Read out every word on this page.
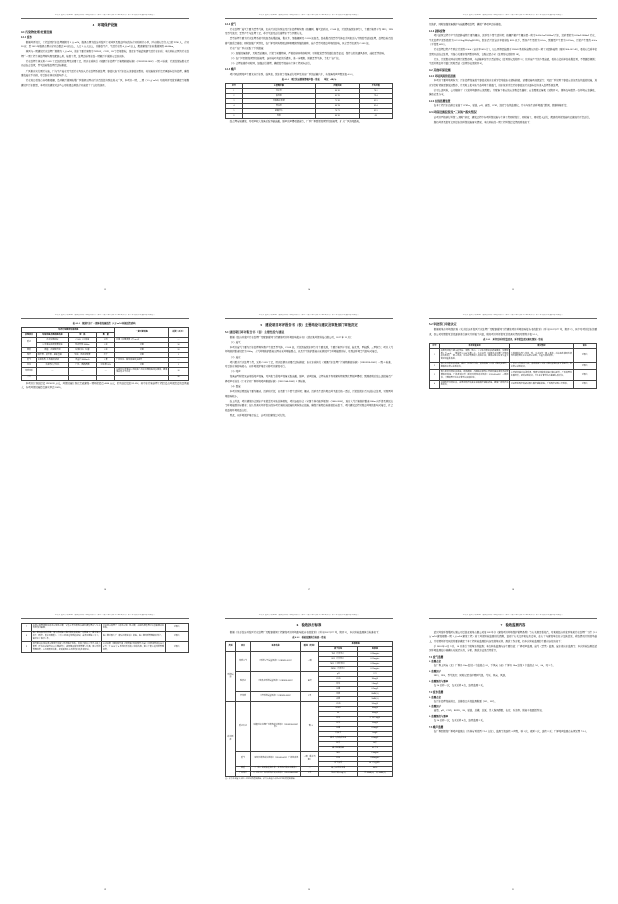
经济开发区污水处理厂及配套管网工程建设项目（第1、2期工程一期1.5万m³/d部分）竣工环境保护设施验收监测报告
4　环境保护设施
4.1 污染物处理/处置设施
4.1.1 废水
根据环评设计，工程近期污水处理规模为 5 万 m³/d，服务范围为经济开发区工业园区及周边区域的各企业和居住小区，区内现有常住人口约 9780 人、企业 28 家；至 2015 年服务范围内企业总数达 48 家以上，人口 5 万人以上，日排放生产、生活污水约 4 万 m³ 以上，配套建设污水收集管网约 46.08km。
园区内一期建设污水处理厂规模为 1 万 m³/d，进水主要污染物为 NH3-N、COD、SS 等常规指标，浓度水平接近城镇生活污水水质；本次验收范围为污水处理厂一期工程主体处理构筑物及配套公用、辅助工程，处理达标尾水经一期截污干管排入受纳水体。
污水处理主体采用 CASS 工艺加深度处理及消毒工艺，尾水水质执行《城镇污水处理厂污染物排放标准》（GB18918-2002）一级 A 标准；污泥经浓缩脱水后外运综合处置，臭气经收集处理后达标排放。
厂区排水实行雨污分流，厂内生产废水及生活污水均纳入污水处理系统处理；事故状态下污水经应急事故池暂存，待设施恢复正常后再逐步提升处理，确保事故废水不外排，对受纳水体水质影响不大。
污水进口渠设有自动粗格栅，沿河截污管网收集厂区服务范围内污水后经提升泵站进入厂区。本项目一期、二期（1.5 万 m³/d）均按环评及批复确定等规模建设中污水数量，本项目的建设对这些公司和周边居民企业成就了了良好的条件。
13
经济开发区污水处理厂及配套管网工程建设项目（第1、2期工程一期1.5万m³/d部分）竣工环境保护设施验收监测报告
4.1.2 废气
污水处理厂废气主要为恶臭气体，来自污水提升泵站及污水处理构筑物（格栅间、曝气沉砂池、CASS 池、污泥浓缩脱水间等），主要污染因子为 NH3、H2S 及臭气浓度；恶臭产生与处理工艺、季节气温及运行管理水平等因素有关。
恶臭治理主要为污水处理系统中的加盖收集措施，集水井、细格栅间及 CASS 池加盖，经收集后的恶臭气体由引风机送入生物除臭滤池处理，处理达标后经排气筒高空排放；同时加强厂区绿化，在厂界及构筑物周边种植吸附性强的树种，减少恶臭对周边环境的影响，其余恶臭来源为 CASS 池。
污水厂在厂区内采取了下列措施：
（1）加强设备维护，及时清运栅渣、污泥等易腐物料，严格控制其堆存时间；对易散发恶臭的部位加盖密闭，保持良好的通风条件，减轻恶臭影响。
（2）在厂区四周设置绿化隔离带，选用枝叶茂密的乔灌木，进一步吸附、阻隔恶臭气体，美化厂容厂貌。
（3）合理安排作业时间，加强运行管理，确保除臭设施与主体工程同步运行。
4.1.3 噪声
项目营运期噪声主要来自污水泵、鼓风机、脱水机等设备运行噪声及进出厂区的运输汽车，各设备噪声声级见表 4.1-1。
表 4.1-1　项目营运期拟增噪声源一览表　　单位：dB(A)
序号	主要噪声源	声级范围	平均声级
1	污水泵	80~85	78.1
2	鼓风机	85~95	79.4
3	污泥脱水机组	75~85	82.3
4	回流泵	80~90	83.4
5	运输汽车	70~75	82.3
6	风机	80~85	68
经合理布局建设、对噪声较大设备采取基础减振、隔声消声降噪措施等，厂区厂界四周设置绿化隔离带，扩大厂区消噪距离。
14
经济开发区污水处理厂及配套管网工程建设项目（第1、2期工程一期1.5万m³/d部分）竣工环境保护设施验收监测报告
化防护，同时加强设备维护与减振降噪处理，确保厂界噪声达标排放。
4.1.4 固体废物
项目运营过程中产生的固体废物主要为栅渣、沉砂及少量生活垃圾；格栅拦截产生栅渣量一般为 0.054.1m³/1000m³ 污水，沉砂量约为 0.03m³/1000m³ 污水，生化处理产泥系数约为 0.3~0.5kg(DS)/kg(BOD5)，脱水后污泥含水率控制在 80% 以下，暂存产生量约为 0.1t/a，预测量产生量为 6.5%t/a，污泥产生量约 4.1t/a（干泥量 40%）。
污水处理过程产生剩余污泥约 0.3t/d（含水率 80% 计），以上两类固废属于 HW49 类危险废物以外的一般工业固体废物（编号 900-107-49），委托有资质单位定期外运综合处置，并按有关要求设置暂存场所，台账记录齐全（处置协议见附件 18）。
另外，污泥脱水间内设置污泥暂存间，与运输单位签订清运协议（处置协议见附件 5）；化验室产生的少量废液，委托有资质单位收集处置，不得随意倾倒；生活垃圾由环卫部门及时清运（处置协议见附件 8）。
4.2 其他环保设施
4.2.1 环境风险防范措施
本项目主要环境风险为：污水处理设施发生事故或进水水质异常导致出水超标排放、消毒设施药剂泄漏等；对此厂区设置了事故应急池及在线监控设施，进水异常时切换至事故池暂存，并及时上报当地生态环境主管部门，进水恢复正常后将事故池污水逐步提升进入处理系统处理。
针对上述风险，公司编制了《突发环境事件应急预案》，并配备了相应的应急物资及器材；应急预案已备案（见附件 6），现场每年组织一次环境应急演练，演练记录齐全。
4.2.2 在线监测装置
在本工程污水总排口安装了 CODcr、氨氮、pH、流量、COD、浊度等在线监测仪，并与当地生态环境部门联网，数据传输正常。
4.3 环保设施投资及“三同时”落实情况
该项目严格执行环保“三同时”制度，建设过程中各项环保设施与主体工程同时设计、同时施工、同时投入运行，配套的环保设施均已建成并正常运行。
现将环评及批复文件提出的环保设施落实情况、本次验收的一期工程环保投资情况列表如下：
15
经济开发区污水处理厂及配套管网工程建设项目（第1、2期工程一期1.5万m³/d部分）竣工环境保护设施验收监测报告
表 4.3-1　拟建污水厂一期环保设施投资（1 万 m³/d 环保投资清单）
环评计划建设环保设施				一期已建设施	投资（万元）
治理项目	环保设施/治理措施名称	规　格	数　量		
废水	污水处理系统	CASS 工艺设施	2 组	已建（处理规模 1 万 m³/d）	—
	应急事故池及配套设施	有效容积 2000m³	1 座	已建	50
固废	栅渣、污泥暂存间	砖混结构、防渗	1 座	已建	20
噪声	隔声罩、消声器、减振基础	泵房、风机房配套	若干	已建	5
废气	加盖收集+生物除臭滤池	风量约 8000m³/h	1 套	厂区绿化、除臭设施同步运行	—
绿化	乔灌草结合绿化	厂区、道路两侧	绿化率 30%	已建	5
环境风险	—	—	—	在线监控及事故应急设施与污水处理设施同步建设，确保事故废水不外排	10
合计					90
本项目计划总投资 19258.92 万元，环保设施计划已完成建设一期环保投资 4200 万元，约为总投资的 21.8%；其中水污染治理工程投资占环保投资的比例最大，各项环保设施投资落实率达 100%。
16
经济开发区污水处理厂及配套管网工程建设项目（第1、2期工程一期1.5万m³/d部分）竣工环境保护设施验收监测报告
5　建设项目环评报告书（表）主要结论与建议及审批部门审批决定
5.1 建设项目环评报告书（表）主要结论与建议
根据《经济开发区污水处理厂及配套管网工程建设项目环境影响报告书》（湖北某环保科技有限公司，2017 年 12 月）：
（1）废气
本项目废气主要为污水处理构筑物产生的恶臭气体，CASS 池、污泥浓缩脱水间等为主要来源，主要污染因子为氨、硫化氢、甲硫醇、三甲胺等；项目大气环境防护距离设定为 200m，大气环境防护距离范围内无环境敏感点，以及卫生防护距离内无居民区等环境敏感目标，对周边环境空气影响可接受。
（2）废水
项目属于污水处理工程，采用 CASS 工艺，尾水经紫外消毒后达标排放；出水水质执行《城镇污水处理厂污染物排放标准》（GB18918-2002）一级 A 标准，对受纳水体影响较小，从环境保护角度分析项目建设可行。
（3）噪声
设备选型时优先选用低噪声设备，对风机等高噪声设备采取减振、隔声、消声措施，合理布局并利用建筑物和绿化带隔声降噪；预测表明采取上述措施后厂界噪声可满足《工业企业厂界环境噪声排放标准》（GB12348-2008）2 类标准。
（4）固废
本项目营运期固废主要为栅渣、沉砂和污泥，以及职工少量生活垃圾；栅渣、沉砂及生活垃圾由环卫部门统一清运，污泥经脱水后外运综合处置，对周围环境影响较小。
综上所述，项目建设符合国家产业政策及当地总体规划，项目选址符合《全国主体功能区规划》（2006-2020），地方大气污染防护距离 200m 内不涉及居民点等环境敏感目标要求；在认真落实环评提出的各项污染防治措施和风险防范措施、确保污染物达标排放的前提下，项目建设过程对周边环境的影响可接受，社会效益和环境效益良好。
因此，从环境保护角度而言，该项目的建设是可行的。
17
经济开发区污水处理厂及配套管网工程建设项目（第1、2期工程一期1.5万m³/d部分）竣工环境保护设施验收监测报告
5.2 审批部门审批决定
根据某某市环境保护局《关于经济开发区污水处理厂及配套管网工程建设项目环境影响报告书的批复》（环审[2017]277 号，附件 2），其中对项目提出的要求，我公司对照批复意见逐条进行落实并开展了自查，现将项目环评批复意见落实情况对照列于表 5.1-1。
表 5.1-1　环评及环评批复意见、环评批复意见落实情况一览表
序号	环评批复意见	落实情况	备注
1	按照环评报告确定的性质、规模、地点、工艺和污染防治措施建设，处理规模 1 万 m³/d，一期采用 CASS 处理工艺，出水执行《城镇污水处理厂污染物排放标准》一级 A 标准，尾水经管道排入受纳水体；建设过程中如发生重大变动须重新报批。	实际建设内容与环评一致，出水执行一级 A 标准，经在线监测及监督性监测表明出水水质稳定达标，无重大变动情形。	已落实
2	落实水污染防治措施，做好厂区雨污分流，消毒设施与主体工程同步运行，确保尾水稳定达标排放。	厂区已实行雨污分流，消毒设施与主体工程同步建成并正常运行，尾水稳定达标排放。	已落实
3	落实恶臭污染防治措施，对格栅间、污泥脱水间等主要恶臭源加盖密闭并配套除臭设施，厂界恶臭执行《恶臭污染物排放标准》（GB14554-93）二级标准，合理设置卫生防护距离并加强绿化。	主要恶臭源已加盖密闭，配套生物除臭设施已建成运行，厂界设置绿化隔离带，恶臭达标排放，卫生防护距离内无敏感人群居住。	已落实
4	加强噪声污染防治，选用低噪声设备并采取隔声减振措施，确保厂界噪声达标排放。	已选用低噪声设备并落实隔声减振措施，厂界噪声达到 2 类标准。	已落实
18
经济开发区污水处理厂及配套管网工程建设项目（第1、2期工程一期1.5万m³/d部分）竣工环境保护设施验收监测报告
7	按规定设置规范化排污口及标志牌，安装主要污染物在线监测装置并与生态环境部门联网。	已按规定设置了（排污口及）标志牌，在线监测装置已安装联网并经验收。	已落实
8	施工期加强环境管理，落实各项施工期污染防治措施，文明施工，减少施工扬尘（噪声、废水及固废）、土石方对周边环境的影响；妥善处理施工弃土，做好水土保持工作。	施工期已落实了（相关污染防治）措施，施工期环境管理资料齐全。	已落实
9	项目建成后须按规定程序开展竣工环境保护验收，验收合格后方可正式投入使用（不得以试运行名义长期运行）；运营期加强环境管理与监测，建立环境管理制度、应急预案及台账，接受属地生态环境部门的监督检查。	公司按照《建设项目竣工环境保护验收暂行办法》（国环规环评[2017]4 号）于 2018 年 4 月组织开展竣工验收监测，建立了相应的环境管理制度。	已落实
19
经济开发区污水处理厂及配套管网工程建设项目（第1、2期工程一期1.5万m³/d部分）竣工环境保护设施验收监测报告
6　验收执行标准
根据《关于经济开发区污水处理厂及配套管网工程建设项目环境影响报告书的批复》（环审[2017]277 号，附件 2），本次验收监测执行标准如下：
表 6.1-1　验收监测执行标准一览表
类别	项目	标准名称	级别（类别）	标准限值	
				因子名称	标准值
环境质量	环境空气	《环境空气质量标准》（GB3095-2012）	二级	TSP（日平均）	0.30mg/m³
				SO2（日平均）	0.15mg/m³
				NO2（小时平均）	0.20mg/m³
				PM10（日平均）	0.15mg/m³
	地表水	《地表水环境质量标准》（GB3838-2002）	Ⅲ类	pH	6~9
				COD	20mg/L
				氨氮	1.0mg/L
				总磷	0.2mg/L
	声环境	《声环境质量标准》（GB3096-2008）	2类	昼间	60dB(A)
				夜间	50dB(A)
排放标准	废水出水	《城镇污水处理厂污染物排放标准》（GB18918-2002）表 1	一级 A	COD	50mg/L
				BOD5	10mg/L
				SS	10mg/L
				氨氮	5（8）mg/L
				总氮	15mg/L
				总磷	0.5mg/L
				石油类	1mg/L
				阴离子表面活性剂	0.5mg/L
				色度	30倍
				粪大肠菌群数	10³个/L
	废气	《恶臭污染物排放标准》（GB14554-93）厂界标准值	二级（新扩改建）	NH3	1.5mg/m³
				H2S	0.06mg/m³
				臭气浓度	20（无量纲）
	固废	《一般工业固体废物贮存、处置场污染控制标准》	—	综合处置利用率	100%
	厂界噪声	《工业企业厂界环境噪声排放标准》（GB12348-2008）	2类	等效声级 Leq(A)	昼 60dB(A)　夜 50dB(A)
注：括号外数值为水温＞12℃时的控制指标，括号内数值为水温≤12℃时的控制指标。
20
经济开发区污水处理厂及配套管网工程建设项目（第1、2期工程一期1.5万m³/d部分）竣工环境保护设施验收监测报告
7　验收监测内容
武汉环发环保集团有限公司受湖北某某有限公司第 582 号令《建设项目环境保护管理条例》等有关规定委托后，对某某经济开发区某某污水处理厂工程（1.5 万 m³/d 建设规模一期 1 万 m³/d 建设工程）竣工环保验收监测进行踏勘，查阅了有关文件和技术资料，在有了与建设单位充分交换意见、听取情况介绍的基础上，并对照环评及其批复要求确定了本工程验收监测的内容及现场采样、测试工作方案，将本次验收监测的主要内容归纳如下：
于 2018 年 4 月 9 日、10 日进行了现场采样监测；本次验收监测内容主要包括：厂界噪声监测、废气（恶臭）监测、废水进出水监测等；本次验收结果经武汉环境监测站审核确认无误后出具，分析、测试方法见后续章节。
7.1 废气监测
1. 监测点位
在厂界上风向（北）厂界外 10m 处设一个监控点 A1，下风向（南）厂界外 10m 处设 2 个监控点 A2、A4，共 3 个。
2. 监测因子
NH3、H2S、臭气浓度；同时记录采样期间气温、气压、风向、风速。
3. 监测频次与频率
每 2h 采样一次，每天采样 4 次，连续监测 2 天。
7.2 废水监测
1. 监测点位
在污水处理设施进口、总排放口各设监测断面（W1、W2）。
2. 监测因子
流量、pH、COD、BOD5、SS、氨氮、总磷、总氮、粪大肠菌群数、色度、石油类、阴离子表面活性剂。
3. 监测频次与频率
每 2h 采样一次，每天采样 4 次，连续监测 2 天。
7.3 噪声监测
在厂界四周设厂界噪声监测点（具体布置见图 7.3-1 点位），监测等效连续 A 声级，昼 1 次、夜间 1 次，连续 2 天；厂界噪声监测点布置见图 7.3-1。
21
